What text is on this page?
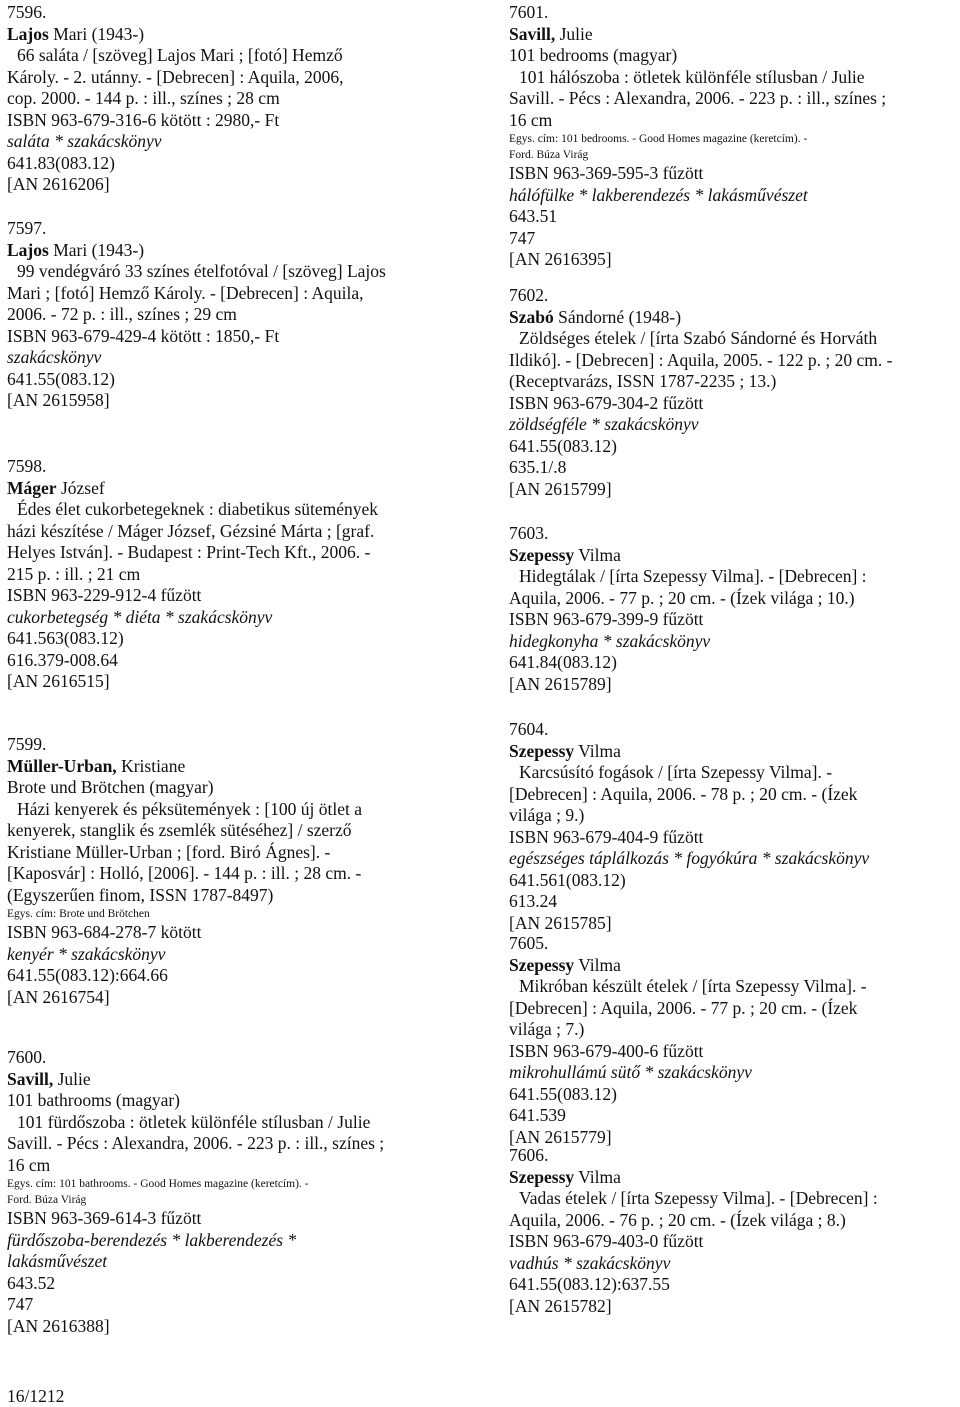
7596.
Lajos Mari (1943-)
66 saláta / [szöveg] Lajos Mari ; [fotó] Hemző
Károly. - 2. utánny. - [Debrecen] : Aquila, 2006,
cop. 2000. - 144 p. : ill., színes ; 28 cm
ISBN 963-679-316-6 kötött : 2980,- Ft
saláta * szakácskönyv
641.83(083.12)
[AN 2616206]
7597.
Lajos Mari (1943-)
99 vendégváró 33 színes ételfotóval / [szöveg] Lajos
Mari ; [fotó] Hemző Károly. - [Debrecen] : Aquila,
2006. - 72 p. : ill., színes ; 29 cm
ISBN 963-679-429-4 kötött : 1850,- Ft
szakácskönyv
641.55(083.12)
[AN 2615958]
7598.
Máger József
Édes élet cukorbetegeknek : diabetikus sütemények
házi készítése / Máger József, Gézsiné Márta ; [graf.
Helyes István]. - Budapest : Print-Tech Kft., 2006. -
215 p. : ill. ; 21 cm
ISBN 963-229-912-4 fűzött
cukorbetegség * diéta * szakácskönyv
641.563(083.12)
616.379-008.64
[AN 2616515]
7599.
Müller-Urban, Kristiane
Brote und Brötchen (magyar)
Házi kenyerek és péksütemények : [100 új ötlet a
kenyerek, stanglik és zsemlék sütéséhez] / szerző
Kristiane Müller-Urban ; [ford. Biró Ágnes]. -
[Kaposvár] : Holló, [2006]. - 144 p. : ill. ; 28 cm. -
(Egyszerűen finom, ISSN 1787-8497)
Egys. cím: Brote und Brötchen
ISBN 963-684-278-7 kötött
kenyér * szakácskönyv
641.55(083.12):664.66
[AN 2616754]
7600.
Savill, Julie
101 bathrooms (magyar)
101 fürdőszoba : ötletek különféle stílusban / Julie
Savill. - Pécs : Alexandra, 2006. - 223 p. : ill., színes ;
16 cm
Egys. cím: 101 bathrooms. - Good Homes magazine (keretcím). -
Ford. Búza Virág
ISBN 963-369-614-3 fűzött
fürdőszoba-berendezés * lakberendezés *
lakásművészet
643.52
747
[AN 2616388]
7601.
Savill, Julie
101 bedrooms (magyar)
101 hálószoba : ötletek különféle stílusban / Julie
Savill. - Pécs : Alexandra, 2006. - 223 p. : ill., színes ;
16 cm
Egys. cím: 101 bedrooms. - Good Homes magazine (keretcím). -
Ford. Búza Virág
ISBN 963-369-595-3 fűzött
hálófülke * lakberendezés * lakásművészet
643.51
747
[AN 2616395]
7602.
Szabó Sándorné (1948-)
Zöldséges ételek / [írta Szabó Sándorné és Horváth
Ildikó]. - [Debrecen] : Aquila, 2005. - 122 p. ; 20 cm. -
(Receptvarázs, ISSN 1787-2235 ; 13.)
ISBN 963-679-304-2 fűzött
zöldségféle * szakácskönyv
641.55(083.12)
635.1/.8
[AN 2615799]
7603.
Szepessy Vilma
Hidegtálak / [írta Szepessy Vilma]. - [Debrecen] :
Aquila, 2006. - 77 p. ; 20 cm. - (Ízek világa ; 10.)
ISBN 963-679-399-9 fűzött
hidegkonyha * szakácskönyv
641.84(083.12)
[AN 2615789]
7604.
Szepessy Vilma
Karcsúsító fogások / [írta Szepessy Vilma]. -
[Debrecen] : Aquila, 2006. - 78 p. ; 20 cm. - (Ízek
világa ; 9.)
ISBN 963-679-404-9 fűzött
egészséges táplálkozás * fogyókúra * szakácskönyv
641.561(083.12)
613.24
[AN 2615785]
7605.
Szepessy Vilma
Mikróban készült ételek / [írta Szepessy Vilma]. -
[Debrecen] : Aquila, 2006. - 77 p. ; 20 cm. - (Ízek
világa ; 7.)
ISBN 963-679-400-6 fűzött
mikrohullámú sütő * szakácskönyv
641.55(083.12)
641.539
[AN 2615779]
7606.
Szepessy Vilma
Vadas ételek / [írta Szepessy Vilma]. - [Debrecen] :
Aquila, 2006. - 76 p. ; 20 cm. - (Ízek világa ; 8.)
ISBN 963-679-403-0 fűzött
vadhús * szakácskönyv
641.55(083.12):637.55
[AN 2615782]
16/1212
